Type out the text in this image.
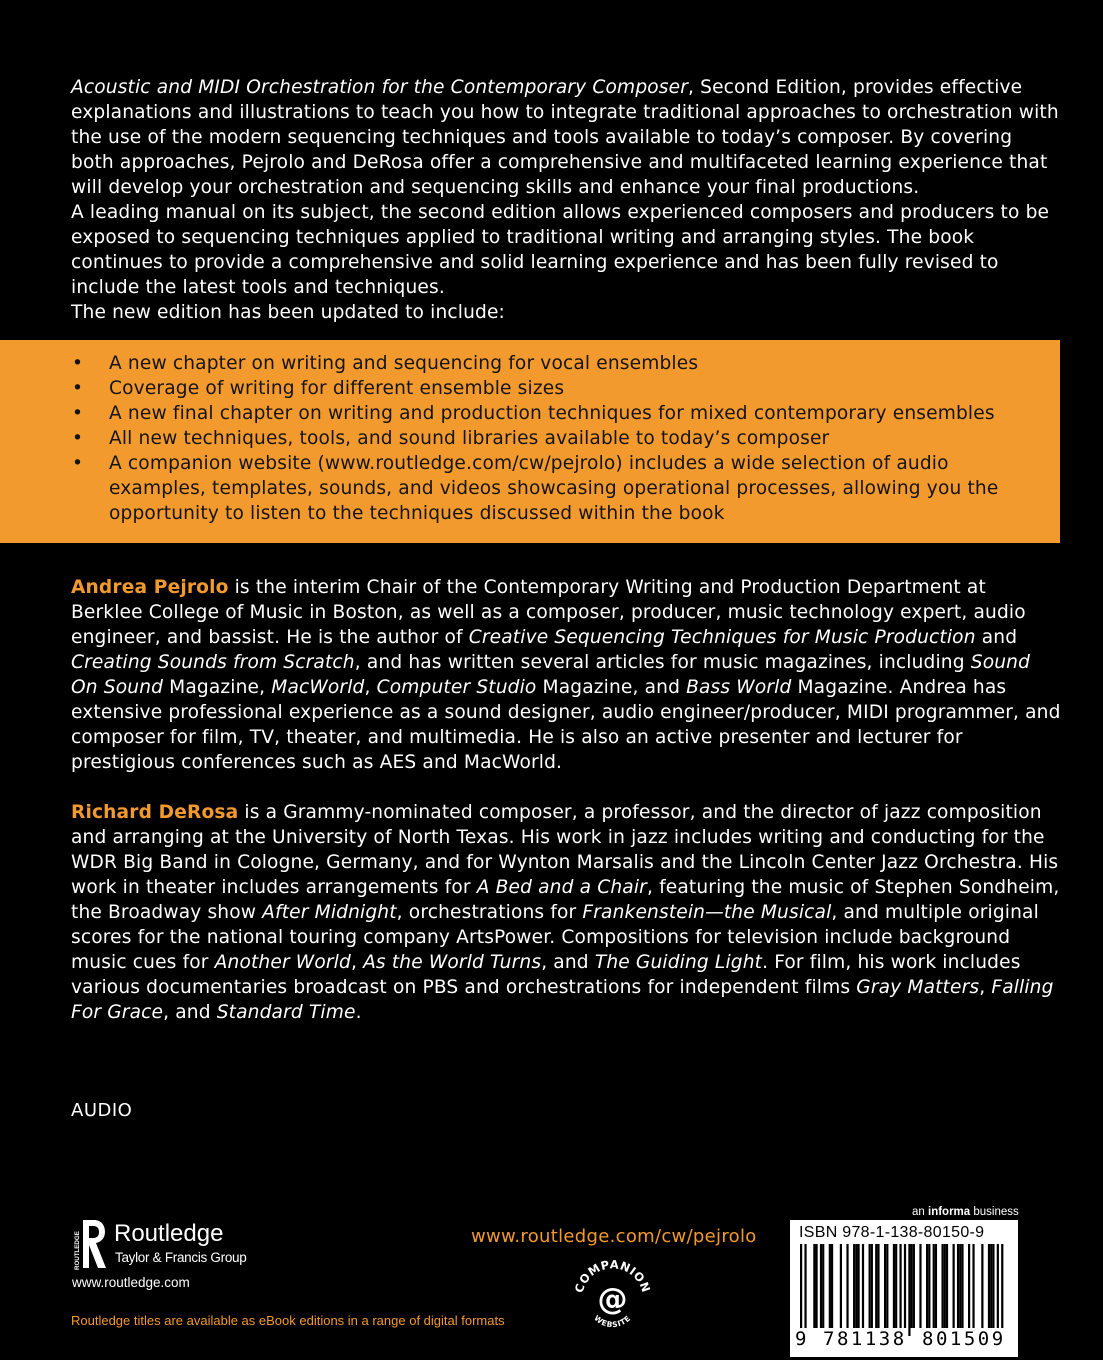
Acoustic and MIDI Orchestration for the Contemporary Composer, Second Edition, provides effective explanations and illustrations to teach you how to integrate traditional approaches to orchestration with the use of the modern sequencing techniques and tools available to today’s composer. By covering both approaches, Pejrolo and DeRosa offer a comprehensive and multifaceted learning experience that will develop your orchestration and sequencing skills and enhance your final productions.

A leading manual on its subject, the second edition allows experienced composers and producers to be exposed to sequencing techniques applied to traditional writing and arranging styles. The book continues to provide a comprehensive and solid learning experience and has been fully revised to include the latest tools and techniques.

The new edition has been updated to include:

• A new chapter on writing and sequencing for vocal ensembles
• Coverage of writing for different ensemble sizes
• A new final chapter on writing and production techniques for mixed contemporary ensembles
• All new techniques, tools, and sound libraries available to today’s composer
• A companion website (www.routledge.com/cw/pejrolo) includes a wide selection of audio examples, templates, sounds, and videos showcasing operational processes, allowing you the opportunity to listen to the techniques discussed within the book

Andrea Pejrolo is the interim Chair of the Contemporary Writing and Production Department at Berklee College of Music in Boston, as well as a composer, producer, music technology expert, audio engineer, and bassist. He is the author of Creative Sequencing Techniques for Music Production and Creating Sounds from Scratch, and has written several articles for music magazines, including Sound On Sound Magazine, MacWorld, Computer Studio Magazine, and Bass World Magazine. Andrea has extensive professional experience as a sound designer, audio engineer/producer, MIDI programmer, and composer for film, TV, theater, and multimedia. He is also an active presenter and lecturer for prestigious conferences such as AES and MacWorld.

Richard DeRosa is a Grammy-nominated composer, a professor, and the director of jazz composition and arranging at the University of North Texas. His work in jazz includes writing and conducting for the WDR Big Band in Cologne, Germany, and for Wynton Marsalis and the Lincoln Center Jazz Orchestra. His work in theater includes arrangements for A Bed and a Chair, featuring the music of Stephen Sondheim, the Broadway show After Midnight, orchestrations for Frankenstein—the Musical, and multiple original scores for the national touring company ArtsPower. Compositions for television include background music cues for Another World, As the World Turns, and The Guiding Light. For film, his work includes various documentaries broadcast on PBS and orchestrations for independent films Gray Matters, Falling For Grace, and Standard Time.

AUDIO
ROUTLEDGE Routledge
Taylor & Francis Group
www.routledge.com
Routledge titles are available as eBook editions in a range of digital formats
www.routledge.com/cw/pejrolo
COMPANION
@
WEBSITE
an informa business
ISBN 978-1-138-80150-9
9 781138 801509
